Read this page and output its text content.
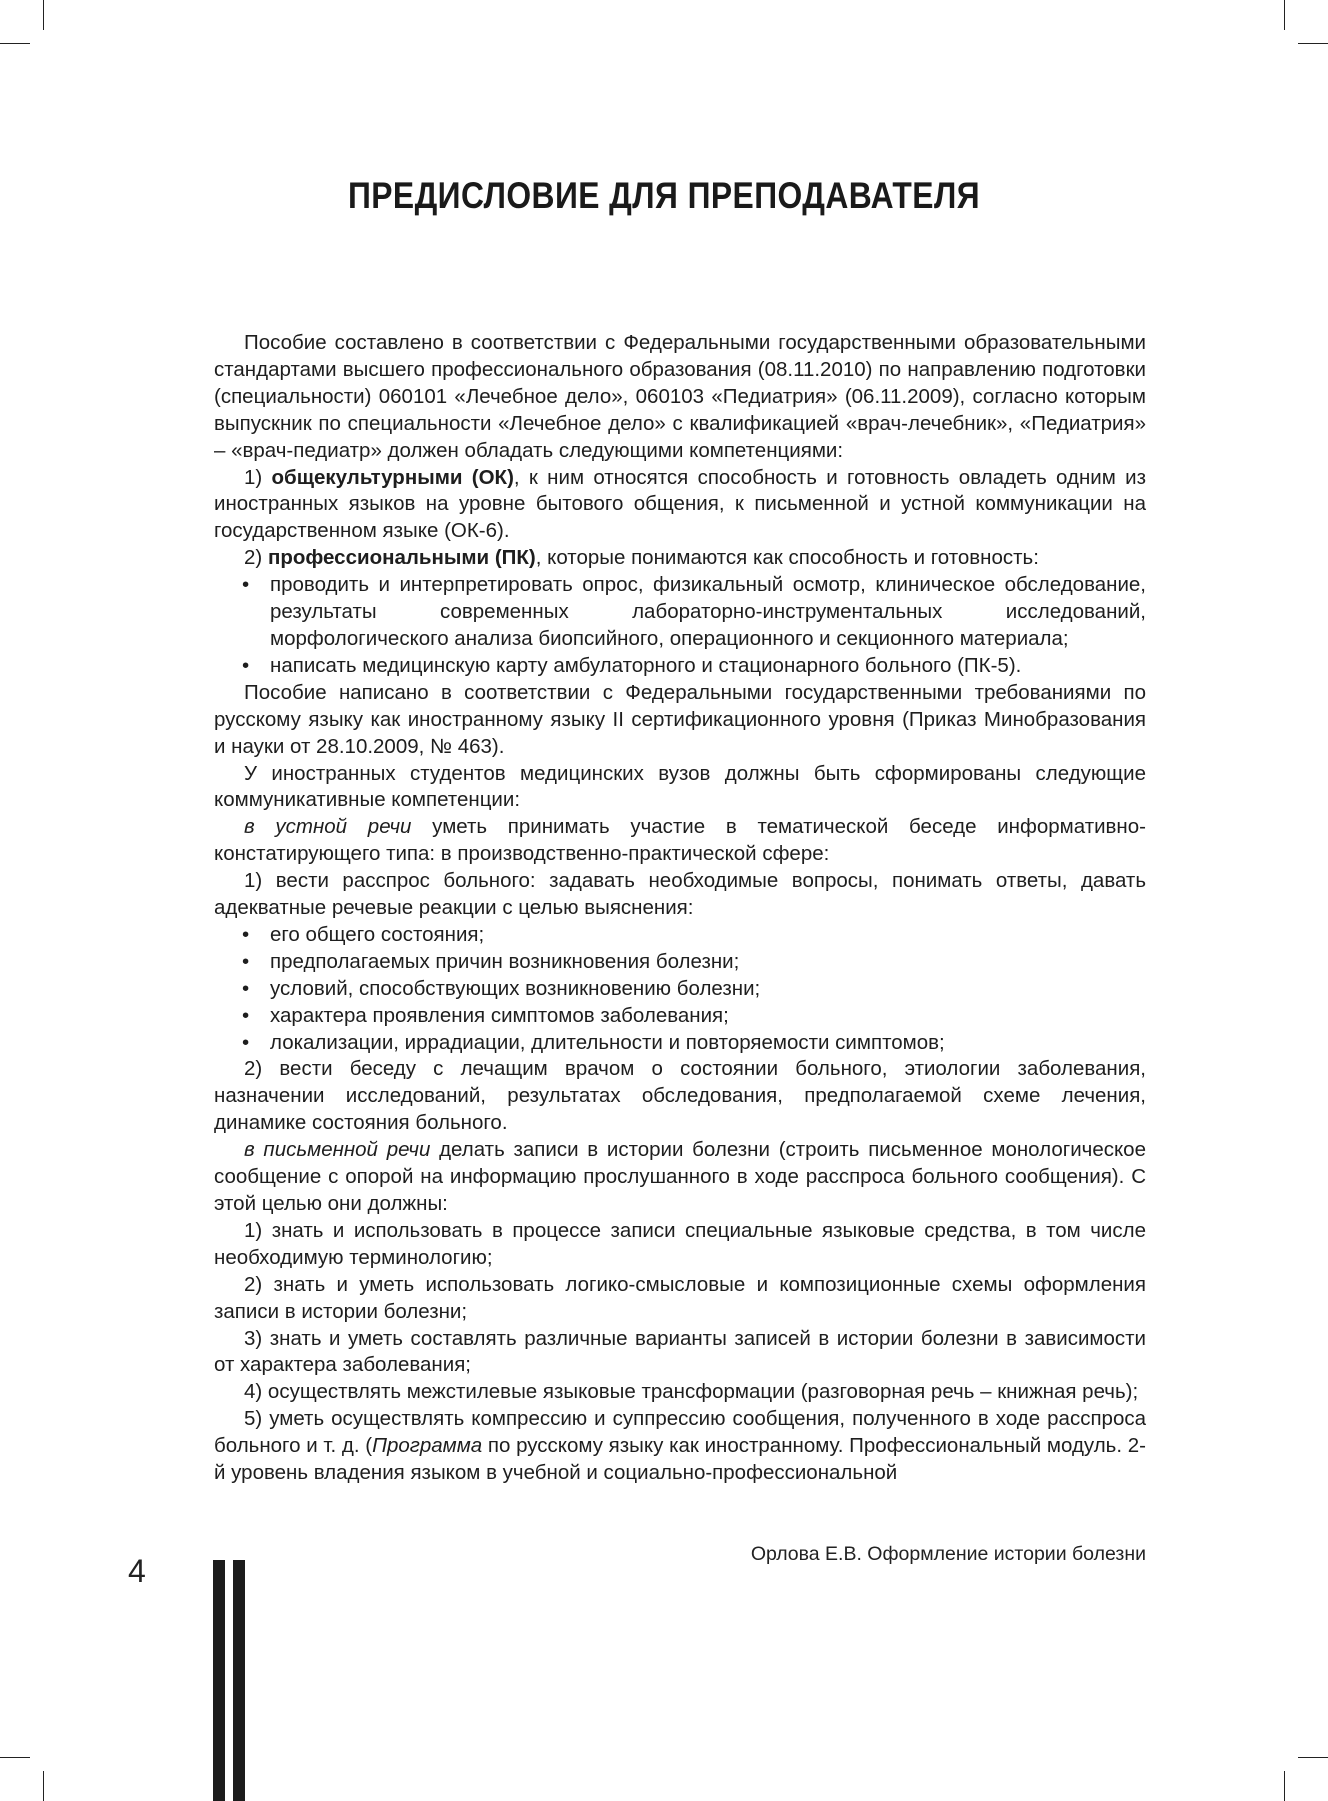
ПРЕДИСЛОВИЕ ДЛЯ ПРЕПОДАВАТЕЛЯ

Пособие составлено в соответствии с Федеральными государственными образовательными стандартами высшего профессионального образования (08.11.2010) по направлению подготовки (специальности) 060101 «Лечебное дело», 060103 «Педиатрия» (06.11.2009), согласно которым выпускник по специальности «Лечебное дело» с квалификацией «врач-лечебник», «Педиатрия» – «врач-педиатр» должен обладать следующими компетенциями:

1) общекультурными (ОК), к ним относятся способность и готовность овладеть одним из иностранных языков на уровне бытового общения, к письменной и устной коммуникации на государственном языке (ОК-6).

2) профессиональными (ПК), которые понимаются как способность и готовность:

• проводить и интерпретировать опрос, физикальный осмотр, клиническое обследование, результаты современных лабораторно-инструментальных исследований, морфологического анализа биопсийного, операционного и секционного материала;
• написать медицинскую карту амбулаторного и стационарного больного (ПК-5).

Пособие написано в соответствии с Федеральными государственными требованиями по русскому языку как иностранному языку II сертификационного уровня (Приказ Минобразования и науки от 28.10.2009, № 463).

У иностранных студентов медицинских вузов должны быть сформированы следующие коммуникативные компетенции:

в устной речи уметь принимать участие в тематической беседе информативно-констатирующего типа: в производственно-практической сфере:

1) вести расспрос больного: задавать необходимые вопросы, понимать ответы, давать адекватные речевые реакции с целью выяснения:

• его общего состояния;
• предполагаемых причин возникновения болезни;
• условий, способствующих возникновению болезни;
• характера проявления симптомов заболевания;
• локализации, иррадиации, длительности и повторяемости симптомов;

2) вести беседу с лечащим врачом о состоянии больного, этиологии заболевания, назначении исследований, результатах обследования, предполагаемой схеме лечения, динамике состояния больного.

в письменной речи делать записи в истории болезни (строить письменное монологическое сообщение с опорой на информацию прослушанного в ходе расспроса больного сообщения). С этой целью они должны:

1) знать и использовать в процессе записи специальные языковые средства, в том числе необходимую терминологию;

2) знать и уметь использовать логико-смысловые и композиционные схемы оформления записи в истории болезни;

3) знать и уметь составлять различные варианты записей в истории болезни в зависимости от характера заболевания;

4) осуществлять межстилевые языковые трансформации (разговорная речь – книжная речь);

5) уметь осуществлять компрессию и суппрессию сообщения, полученного в ходе расспроса больного и т. д. (Программа по русскому языку как иностранному. Профессиональный модуль. 2-й уровень владения языком в учебной и социально-профессиональной

Орлова Е.В. Оформление истории болезни
4
